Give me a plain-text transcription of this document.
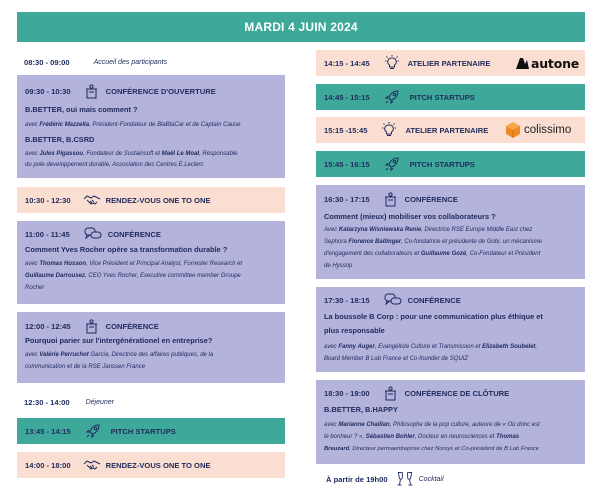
MARDI 4 JUIN 2024
08:30 - 09:00	Accueil des participants
09:30 - 10:30	CONFÉRENCE D'OUVERTURE
B.BETTER, oui mais comment ?
avec Frédéric Mazzella, Président-Fondateur de BlaBlaCar et de Captain Cause
B.BETTER, B.CSRD
avec Jules Pigassou, Fondateur de Sustainsoft et Maël Le Moal, Responsable
du pole developpement durable, Association des Centres E.Leclerc
10:30 - 12:30	RENDEZ-VOUS ONE TO ONE
11:00 - 11:45	CONFÉRENCE
Comment Yves Rocher opère sa transformation durable ?
avec Thomas Husson, Vice Président et Principal Analyst, Forrester Research et
Guillaume Darrousez, CEO Yves Rocher, Executive committee member Groupe
Rocher
12:00 - 12:45	CONFÉRENCE
Pourquoi parier sur l'intergénérationel en entreprise?
avec Valérie Perruchot Garcia, Directrice des affaires publiques, de la
communication et de la RSE Janssen France
12:30 - 14:00 Déjeuner
13:45 - 14:15	PITCH STARTUPS
14:00 - 18:00	RENDEZ-VOUS ONE TO ONE
14:15 - 14:45	ATELIER PARTENAIRE	autone
14:45 - 15:15	PITCH STARTUPS
15:15 -15:45	ATELIER PARTENAIRE	colissimo
15:45 - 16:15	PITCH STARTUPS
16:30 - 17:15	CONFÉRENCE
Comment (mieux) mobiliser vos collaborateurs ?
Avec Katarzyna Wisniewska Renie, Directrice RSE Europe Middle East chez
Sephora Florence Baitinger, Co-fondatrice et présidente de Gobi, un mécanisme
d'engagement des collaborateurs et Guillaume Gozé, Co-Fondateur et Président
de Hyssop
17:30 - 18:15	CONFÉRENCE
La boussole B Corp : pour une communication plus éthique et
plus responsable
avec Fanny Auger, Evangéliste Culture et Transmission et Elizabeth Soubelet,
Board Member B Lab France et Co-founder de SQUIZ
18:30 - 19:00	CONFÉRENCE DE CLÔTURE
B.BETTER, B.HAPPY
avec Marianne Chaillan, Philosophe de la pop culture, auteure de « Où donc est
le bonheur ? », Sébastien Bohler, Docteur en neurosciences et Thomas
Breuzard, Directeur permaentreprise chez Norsys et Co-président de B Lab France
À partir de 19h00	Cocktail
